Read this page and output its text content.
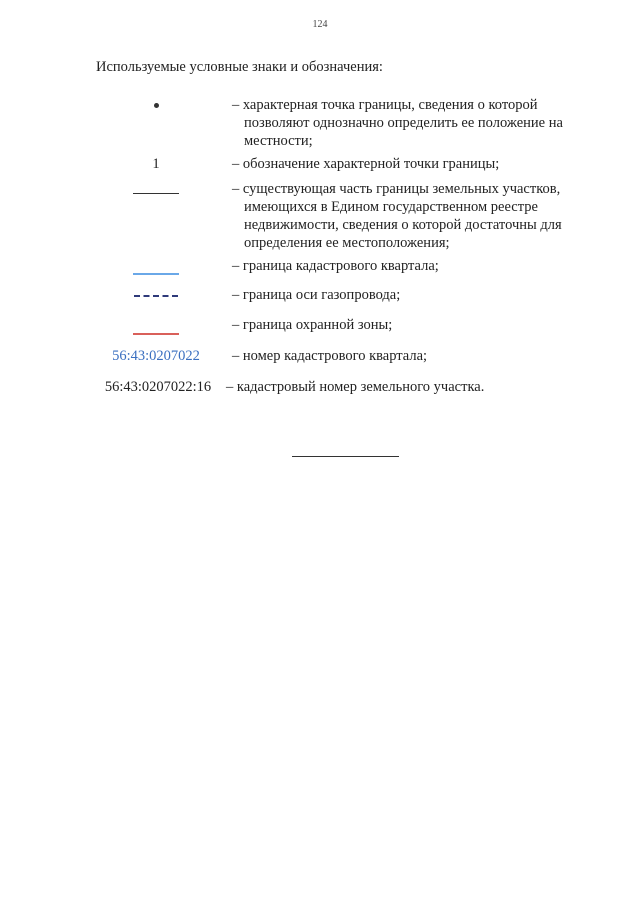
124
Используемые условные знаки и обозначения:
– характерная точка границы, сведения о которой
позволяют однозначно определить ее положение на
местности;
1	– обозначение характерной точки границы;
– существующая часть границы земельных участков,
имеющихся в Едином государственном реестре
недвижимости, сведения о которой достаточны для
определения ее местоположения;
– граница кадастрового квартала;
– граница оси газопровода;
– граница охранной зоны;
56:43:0207022	– номер кадастрового квартала;
56:43:0207022:16	– кадастровый номер земельного участка.
